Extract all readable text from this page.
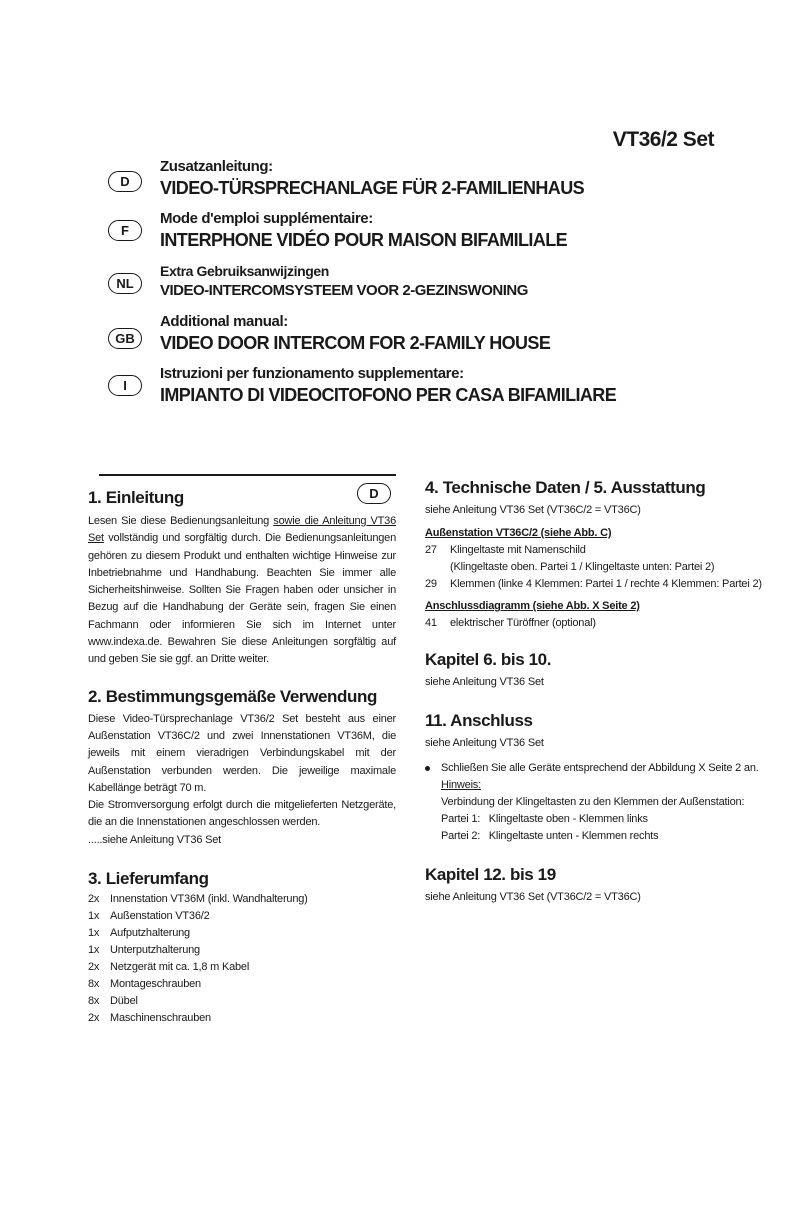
VT36/2 Set
D
Zusatzanleitung:
VIDEO-TÜRSPRECHANLAGE FÜR 2-FAMILIENHAUS
F
Mode d'emploi supplémentaire:
INTERPHONE VIDÉO POUR MAISON BIFAMILIALE
NL
Extra Gebruiksanwijzingen
VIDEO-INTERCOMSYSTEEM VOOR 2-GEZINSWONING
GB
Additional manual:
VIDEO DOOR INTERCOM FOR 2-FAMILY HOUSE
I
Istruzioni per funzionamento supplementare:
IMPIANTO DI VIDEOCITOFONO PER CASA BIFAMILIARE
D
1. Einleitung

Lesen Sie diese Bedienungsanleitung sowie die Anleitung VT36 Set vollständig und sorgfältig durch. Die Bedienungsanleitungen gehören zu diesem Produkt und enthalten wichtige Hinweise zur Inbetriebnahme und Handhabung. Beachten Sie immer alle Sicherheitshinweise. Sollten Sie Fragen haben oder unsicher in Bezug auf die Handhabung der Geräte sein, fragen Sie einen Fachmann oder informieren Sie sich im Internet unter www.indexa.de. Bewahren Sie diese Anleitungen sorgfältig auf und geben Sie sie ggf. an Dritte weiter.

2. Bestimmungsgemäße Verwendung

Diese Video-Türsprechanlage VT36/2 Set besteht aus einer Außenstation VT36C/2 und zwei Innenstationen VT36M, die jeweils mit einem vieradrigen Verbindungskabel mit der Außenstation verbunden werden. Die jeweilige maximale Kabellänge beträgt 70 m.

Die Stromversorgung erfolgt durch die mitgelieferten Netzgeräte, die an die Innenstationen angeschlossen werden.

.....siehe Anleitung VT36 Set

3. Lieferumfang
2x Innenstation VT36M (inkl. Wandhalterung)
1x Außenstation VT36/2
1x Aufputzhalterung
1x Unterputzhalterung
2x Netzgerät mit ca. 1,8 m Kabel
8x Montageschrauben
8x Dübel
2x Maschinenschrauben
4. Technische Daten / 5. Ausstattung
siehe Anleitung VT36 Set (VT36C/2 = VT36C)
Außenstation VT36C/2 (siehe Abb. C)
27 Klingeltaste mit Namenschild
(Klingeltaste oben. Partei 1 / Klingeltaste unten: Partei 2)
29 Klemmen (linke 4 Klemmen: Partei 1 / rechte 4 Klemmen: Partei 2)
Anschlussdiagramm (siehe Abb. X Seite 2)
41 elektrischer Türöffner (optional)
Kapitel 6. bis 10.
siehe Anleitung VT36 Set
11. Anschluss
siehe Anleitung VT36 Set
Schließen Sie alle Geräte entsprechend der Abbildung X Seite 2 an.
Hinweis:
Verbindung der Klingeltasten zu den Klemmen der Außenstation:
Partei 1:   Klingeltaste oben - Klemmen links
Partei 2:   Klingeltaste unten - Klemmen rechts
Kapitel 12. bis 19
siehe Anleitung VT36 Set (VT36C/2 = VT36C)
